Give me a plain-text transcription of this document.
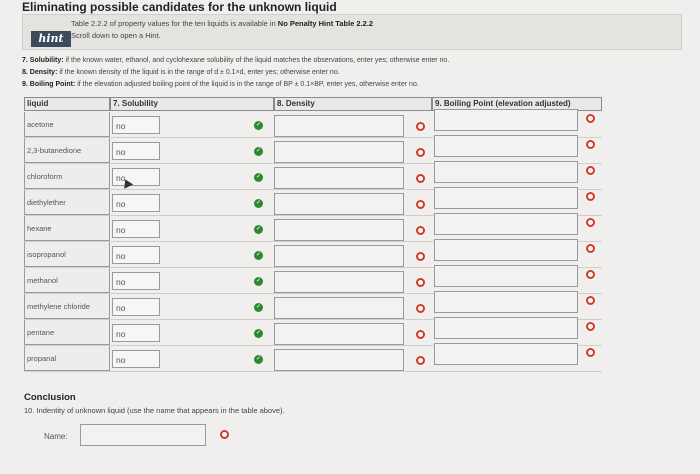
Eliminating possible candidates for the unknown liquid
hint
Table 2.2.2 of property values for the ten liquids is available in No Penalty Hint Table 2.2.2
Scroll down to open a Hint.
7. Solubility: if the known water, ethanol, and cyclohexane solubility of the liquid matches the observations, enter yes; otherwise enter no.
8. Density: if the known density of the liquid is in the range of d ± 0.1×d, enter yes; otherwise enter no.
9. Boiling Point: if the elevation adjusted boiling point of the liquid is in the range of BP ± 0.1×BP, enter yes, otherwise enter no.
liquid	7. Solubility	8. Density	9. Boiling Point (elevation adjusted)
acetone	no	✓
2,3-butanedione	no	✓
chloroform	no	✓
diethylether	no	✓
hexane	no	✓
isopropanol	no	✓
methanol	no	✓
methylene chloride	no	✓
pentane	no	✓
propanal	no	✓
Conclusion
10. Indentity of unknown liquid (use the name that appears in the table above).
Name:
